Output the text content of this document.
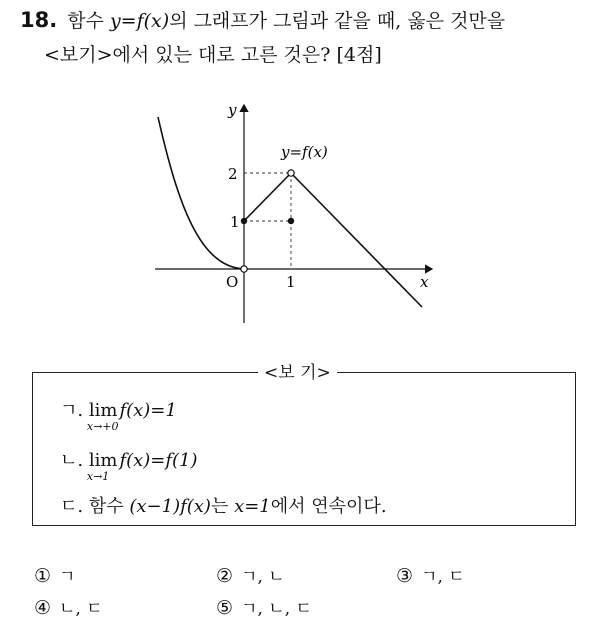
18. 함수 y=f(x)의 그래프가 그림과 같을 때, 옳은 것만을
<보기>에서 있는 대로 고른 것은? [4점]
y
x
O
2
1
1
y=f(x)
<보 기>
ㄱ. lim
x→+0
f(x)=1
ㄴ. lim
x→1
f(x)=f(1)
ㄷ. 함수 (x−1)f(x)는 x=1에서 연속이다.
① ㄱ	② ㄱ, ㄴ	③ ㄱ, ㄷ
④ ㄴ, ㄷ	⑤ ㄱ, ㄴ, ㄷ
